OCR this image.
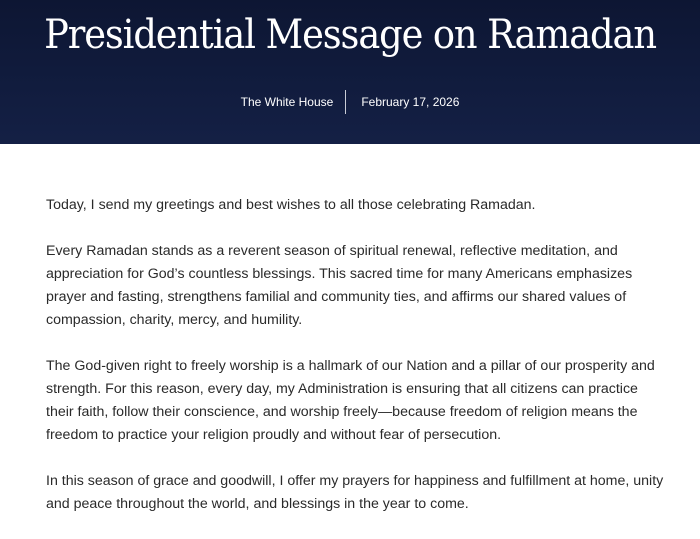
Presidential Message on Ramadan
The White House	February 17, 2026

Today, I send my greetings and best wishes to all those celebrating Ramadan.

Every Ramadan stands as a reverent season of spiritual renewal, reflective meditation, and appreciation for God’s countless blessings. This sacred time for many Americans emphasizes prayer and fasting, strengthens familial and community ties, and affirms our shared values of compassion, charity, mercy, and humility.

The God-given right to freely worship is a hallmark of our Nation and a pillar of our prosperity and strength. For this reason, every day, my Administration is ensuring that all citizens can practice their faith, follow their conscience, and worship freely—because freedom of religion means the freedom to practice your religion proudly and without fear of persecution.

In this season of grace and goodwill, I offer my prayers for happiness and fulfillment at home, unity and peace throughout the world, and blessings in the year to come.
